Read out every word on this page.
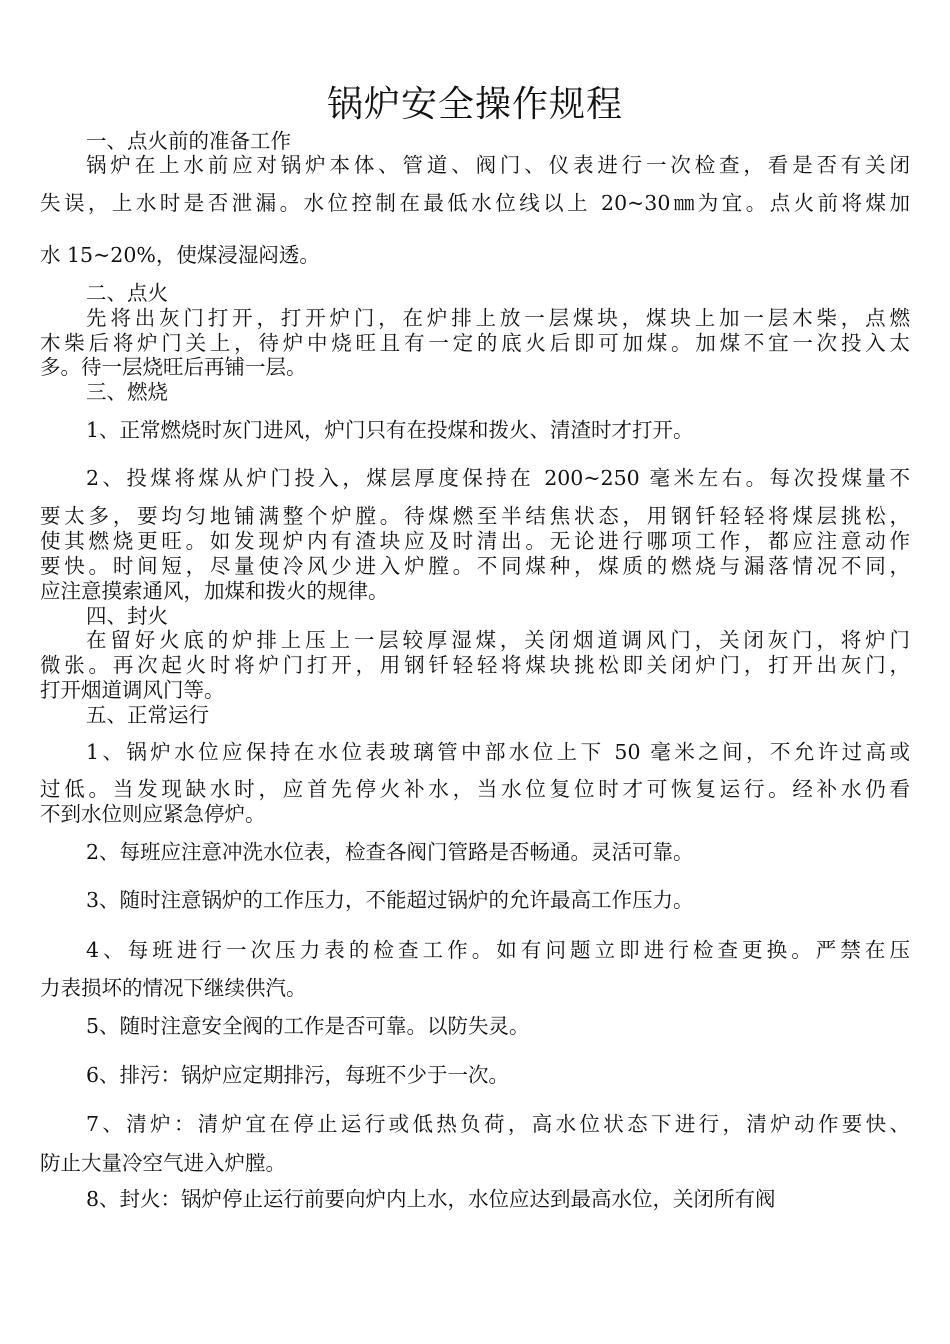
锅炉安全操作规程
一、点火前的准备工作
锅炉在上水前应对锅炉本体、管道、阀门、仪表进行一次检查，看是否有关闭
失误，上水时是否泄漏。水位控制在最低水位线以上 20~30㎜为宜。点火前将煤加
水 15~20%，使煤浸湿闷透。
二、点火
先将出灰门打开，打开炉门，在炉排上放一层煤块，煤块上加一层木柴，点燃
木柴后将炉门关上，待炉中烧旺且有一定的底火后即可加煤。加煤不宜一次投入太
多。待一层烧旺后再铺一层。
三、燃烧
1、正常燃烧时灰门进风，炉门只有在投煤和拨火、清渣时才打开。
2、投煤将煤从炉门投入，煤层厚度保持在 200~250 毫米左右。每次投煤量不
要太多，要均匀地铺满整个炉膛。待煤燃至半结焦状态，用钢钎轻轻将煤层挑松，
使其燃烧更旺。如发现炉内有渣块应及时清出。无论进行哪项工作，都应注意动作
要快。时间短，尽量使冷风少进入炉膛。不同煤种，煤质的燃烧与漏落情况不同，
应注意摸索通风，加煤和拨火的规律。
四、封火
在留好火底的炉排上压上一层较厚湿煤，关闭烟道调风门，关闭灰门，将炉门
微张。再次起火时将炉门打开，用钢钎轻轻将煤块挑松即关闭炉门，打开出灰门，
打开烟道调风门等。
五、正常运行
1、锅炉水位应保持在水位表玻璃管中部水位上下 50 毫米之间，不允许过高或
过低。当发现缺水时，应首先停火补水，当水位复位时才可恢复运行。经补水仍看
不到水位则应紧急停炉。
2、每班应注意冲洗水位表，检查各阀门管路是否畅通。灵活可靠。
3、随时注意锅炉的工作压力，不能超过锅炉的允许最高工作压力。
4、每班进行一次压力表的检查工作。如有问题立即进行检查更换。严禁在压
力表损坏的情况下继续供汽。
5、随时注意安全阀的工作是否可靠。以防失灵。
6、排污：锅炉应定期排污，每班不少于一次。
7、清炉：清炉宜在停止运行或低热负荷，高水位状态下进行，清炉动作要快、
防止大量冷空气进入炉膛。
8、封火：锅炉停止运行前要向炉内上水，水位应达到最高水位，关闭所有阀
